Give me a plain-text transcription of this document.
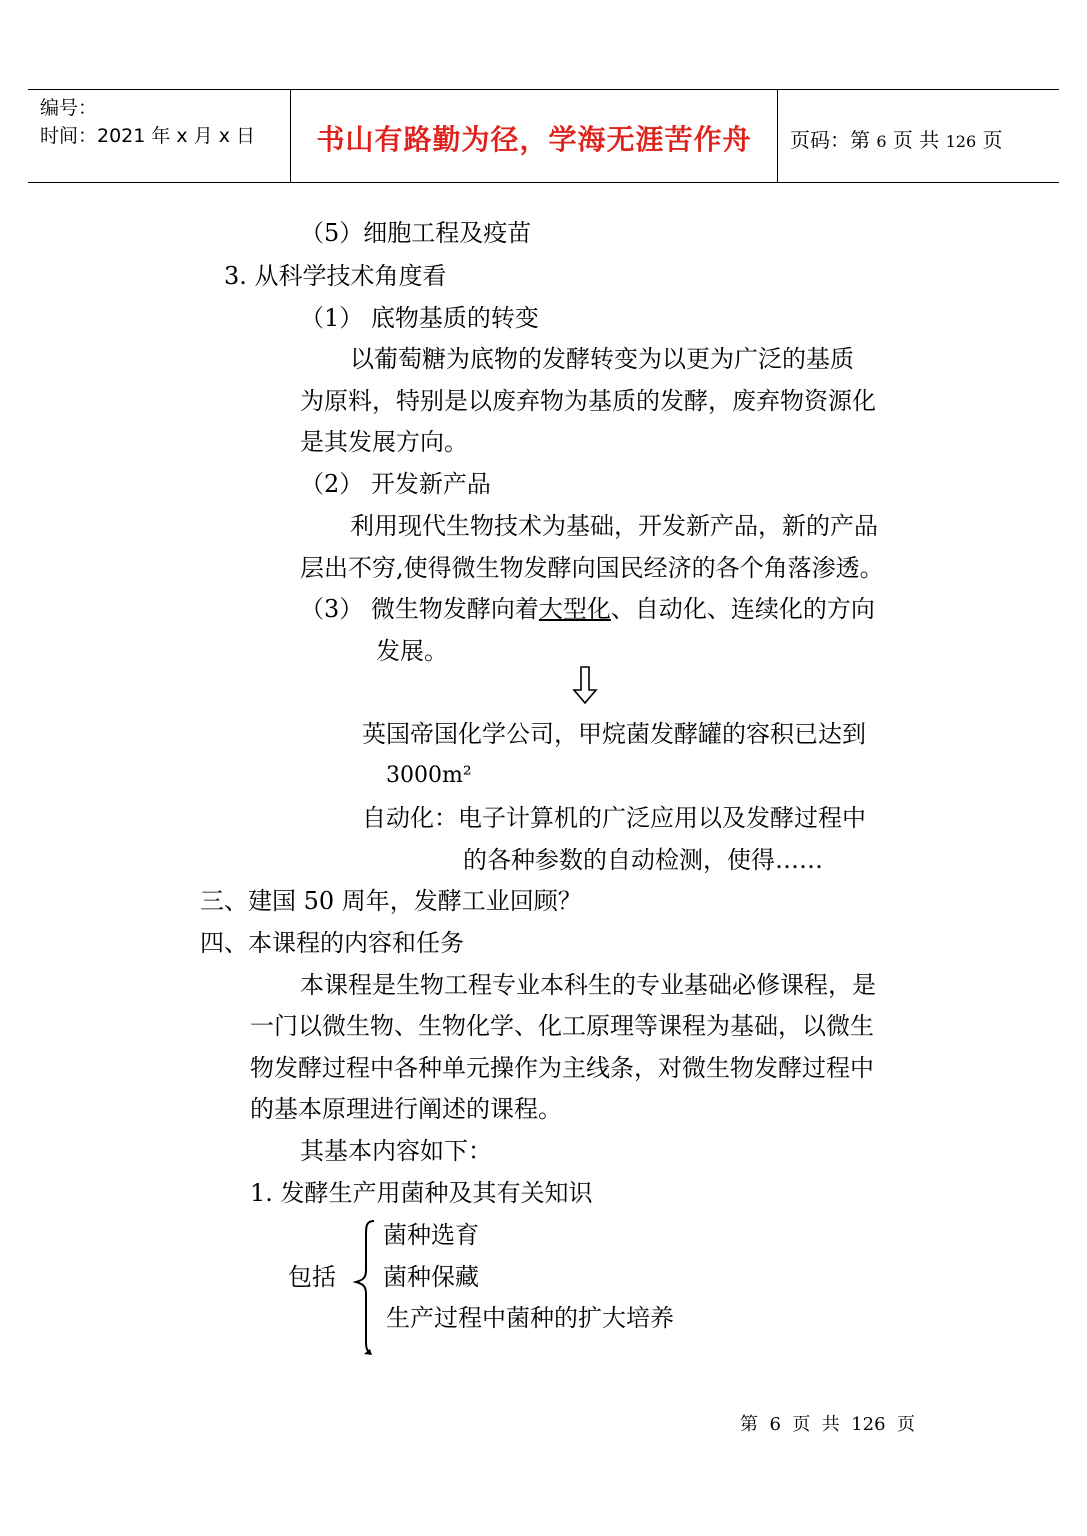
编号：
时间：2021 年 x 月 x 日	书山有路勤为径，学海无涯苦作舟	页码：第 6 页 共 126 页
（5）细胞工程及疫苗
3. 从科学技术角度看
（1） 底物基质的转变
以葡萄糖为底物的发酵转变为以更为广泛的基质
为原料，特别是以废弃物为基质的发酵，废弃物资源化
是其发展方向。
（2） 开发新产品
利用现代生物技术为基础，开发新产品，新的产品
层出不穷,使得微生物发酵向国民经济的各个角落渗透。
（3） 微生物发酵向着大型化、自动化、连续化的方向
发展。
英国帝国化学公司，甲烷菌发酵罐的容积已达到
3000m²
自动化：电子计算机的广泛应用以及发酵过程中
的各种参数的自动检测，使得……
三、建国 50 周年，发酵工业回顾？
四、本课程的内容和任务
本课程是生物工程专业本科生的专业基础必修课程，是
一门以微生物、生物化学、化工原理等课程为基础，以微生
物发酵过程中各种单元操作为主线条，对微生物发酵过程中
的基本原理进行阐述的课程。
其基本内容如下：
1. 发酵生产用菌种及其有关知识
包括
菌种选育
菌种保藏
生产过程中菌种的扩大培养
第  6  页  共  126  页
